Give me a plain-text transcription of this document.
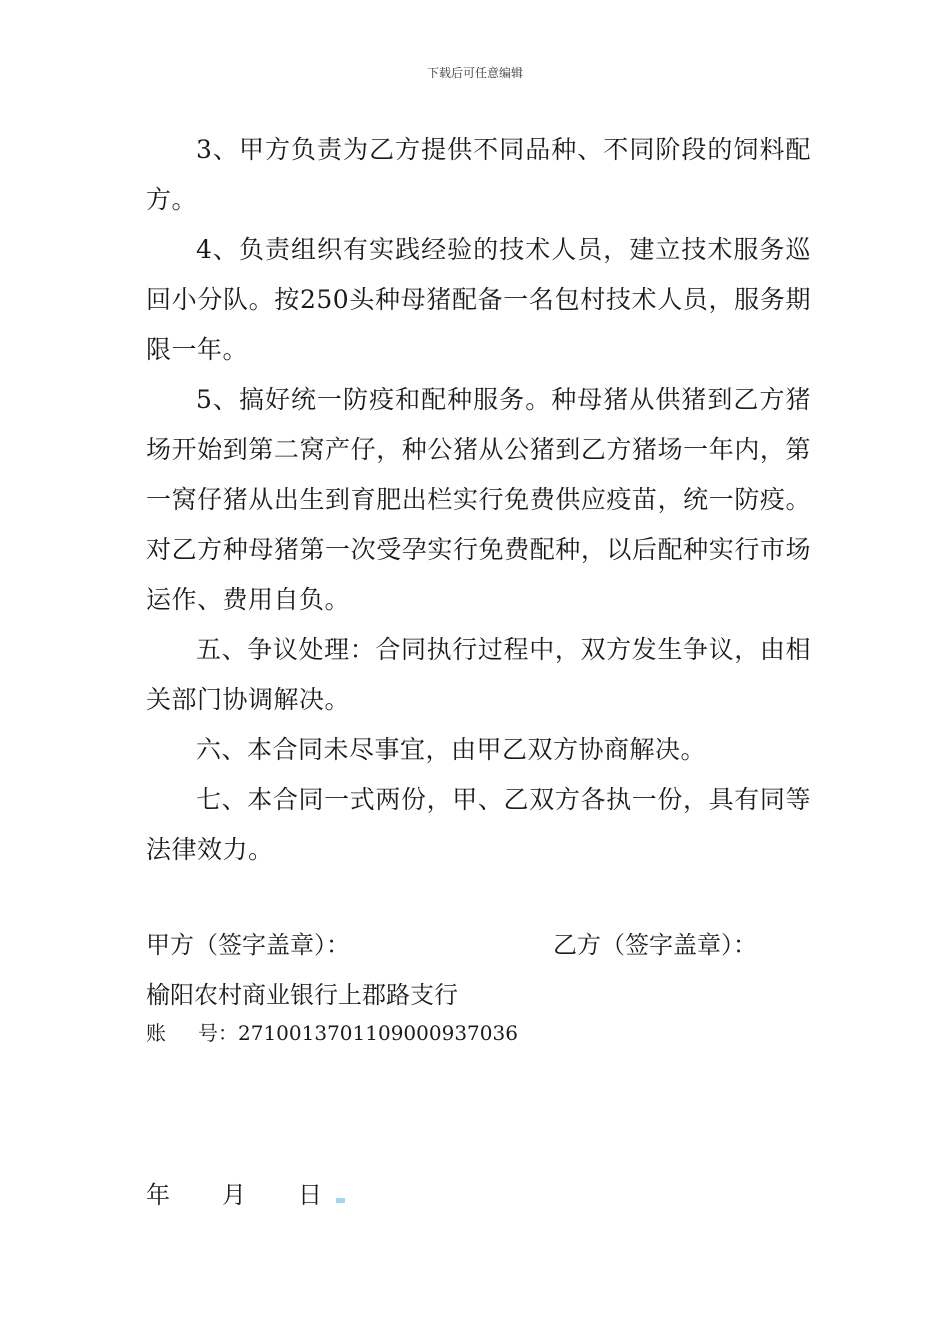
下载后可任意编辑

3、甲方负责为乙方提供不同品种、不同阶段的饲料配方。

4、负责组织有实践经验的技术人员，建立技术服务巡回小分队。按250头种母猪配备一名包村技术人员，服务期限一年。

5、搞好统一防疫和配种服务。种母猪从供猪到乙方猪场开始到第二窝产仔，种公猪从公猪到乙方猪场一年内，第一窝仔猪从出生到育肥出栏实行免费供应疫苗，统一防疫。对乙方种母猪第一次受孕实行免费配种，以后配种实行市场运作、费用自负。

五、争议处理：合同执行过程中，双方发生争议，由相关部门协调解决。

六、本合同未尽事宜，由甲乙双方协商解决。

七、本合同一式两份，甲、乙双方各执一份，具有同等法律效力。

甲方（签字盖章）：	乙方（签字盖章）：
榆阳农村商业银行上郡路支行
账 号：27100137011090009370​36
年 月 日
